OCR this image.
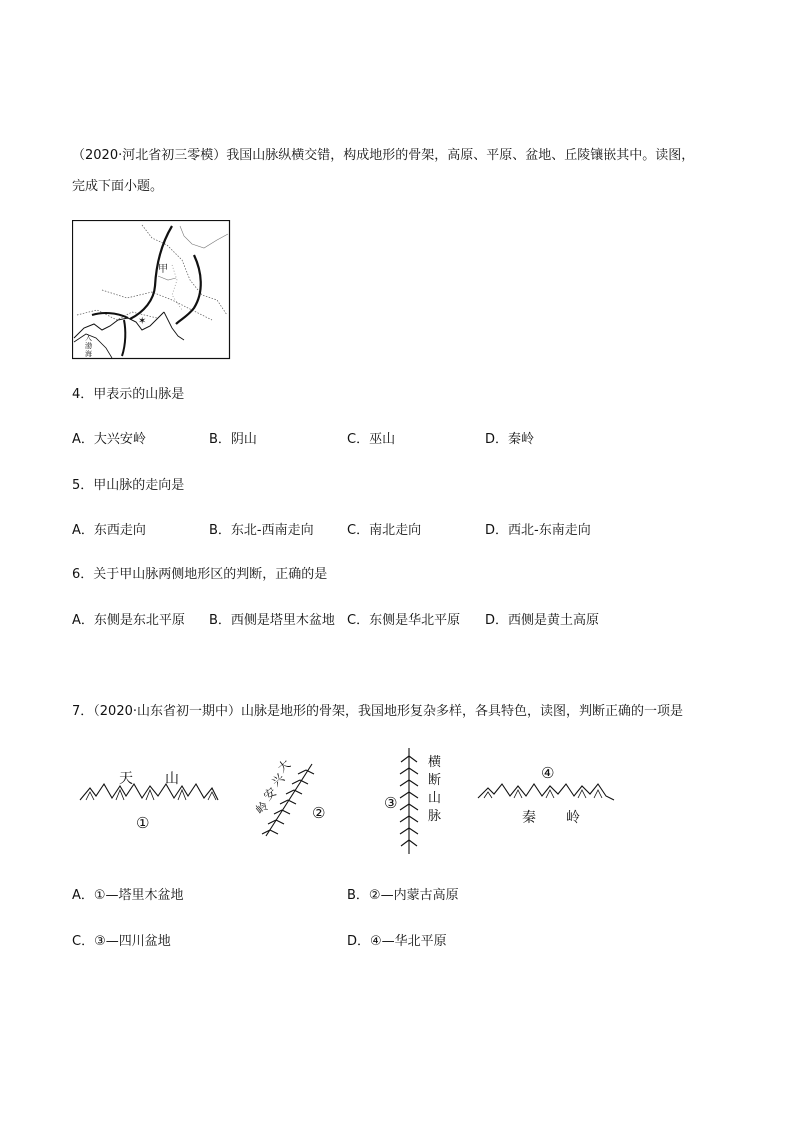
（2020·河北省初三零模）我国山脉纵横交错，构成地形的骨架，高原、平原、盆地、丘陵镶嵌其中。读图，
完成下面小题。
✶
甲
入
渤
海
4．甲表示的山脉是
A．大兴安岭	B．阴山	C．巫山	D．秦岭
5．甲山脉的走向是
A．东西走向	B．东北-西南走向	C．南北走向	D．西北-东南走向
6．关于甲山脉两侧地形区的判断，正确的是
A．东侧是东北平原 B．西侧是塔里木盆地 C．东侧是华北平原 D．西侧是黄土高原
7．（2020·山东省初一期中）山脉是地形的骨架，我国地形复杂多样，各具特色，读图，判断正确的一项是
天 山
①
大
兴
安
岭	②
横
断
山
脉
③
④
秦 岭
A．①—塔里木盆地	B．②—内蒙古高原
C．③—四川盆地	D．④—华北平原
